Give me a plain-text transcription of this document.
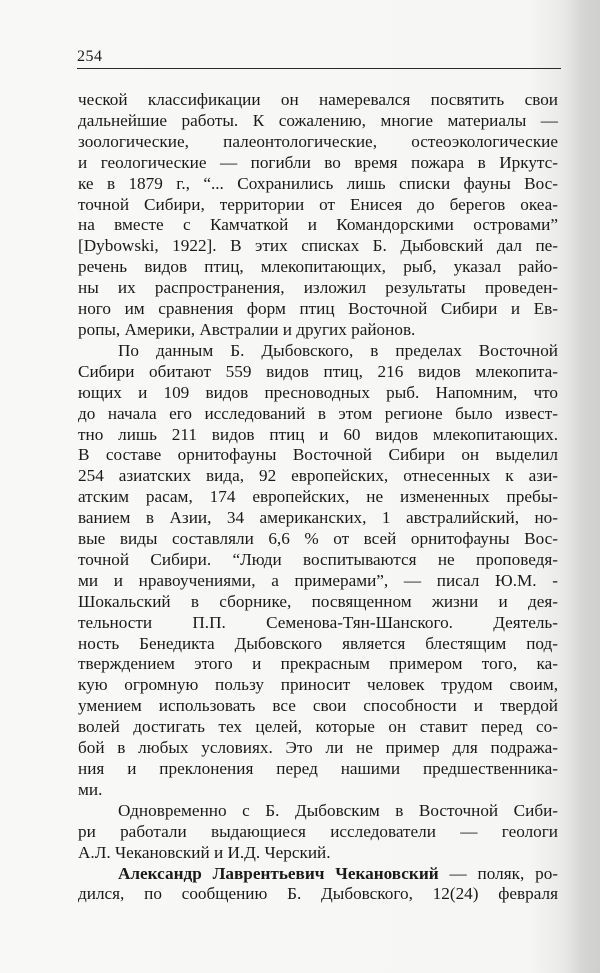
254

ческой классификации он намеревался посвятить свои

дальнейшие работы. К сожалению, многие материалы —

зоологические, палеонтологические, остеоэкологические

и геологические — погибли во время пожара в Иркутс-

ке в 1879 г., “... Сохранились лишь списки фауны Вос-

точной Сибири, территории от Енисея до берегов океа-

на вместе с Камчаткой и Командорскими островами”

[Dybowski, 1922]. В этих списках Б. Дыбовский дал пе-

речень видов птиц, млекопитающих, рыб, указал райо-

ны их распространения, изложил результаты проведен-

ного им сравнения форм птиц Восточной Сибири и Ев-

ропы, Америки, Австралии и других районов.

По данным Б. Дыбовского, в пределах Восточной

Сибири обитают 559 видов птиц, 216 видов млекопита-

ющих и 109 видов пресноводных рыб. Напомним, что

до начала его исследований в этом регионе было извест-

тно лишь 211 видов птиц и 60 видов млекопитающих.

В составе орнитофауны Восточной Сибири он выделил

254 азиатских вида, 92 европейских, отнесенных к ази-

атским расам, 174 европейских, не измененных пребы-

ванием в Азии, 34 американских, 1 австралийский, но-

вые виды составляли 6,6 % от всей орнитофауны Вос-

точной Сибири. “Люди воспитываются не проповедя-

ми и нравоучениями, а примерами”, — писал Ю.М. -

Шокальский в сборнике, посвященном жизни и дея-

тельности П.П. Семенова-Тян-Шанского. Деятель-

ность Бенедикта Дыбовского является блестящим под-

тверждением этого и прекрасным примером того, ка-

кую огромную пользу приносит человек трудом своим,

умением использовать все свои способности и твердой

волей достигать тех целей, которые он ставит перед со-

бой в любых условиях. Это ли не пример для подража-

ния и преклонения перед нашими предшественника-

ми.

Одновременно с Б. Дыбовским в Восточной Сиби-

ри работали выдающиеся исследователи — геологи

А.Л. Чекановский и И.Д. Черский.

Александр Лаврентьевич Чекановский — поляк, ро-

дился, по сообщению Б. Дыбовского, 12(24) февраля
